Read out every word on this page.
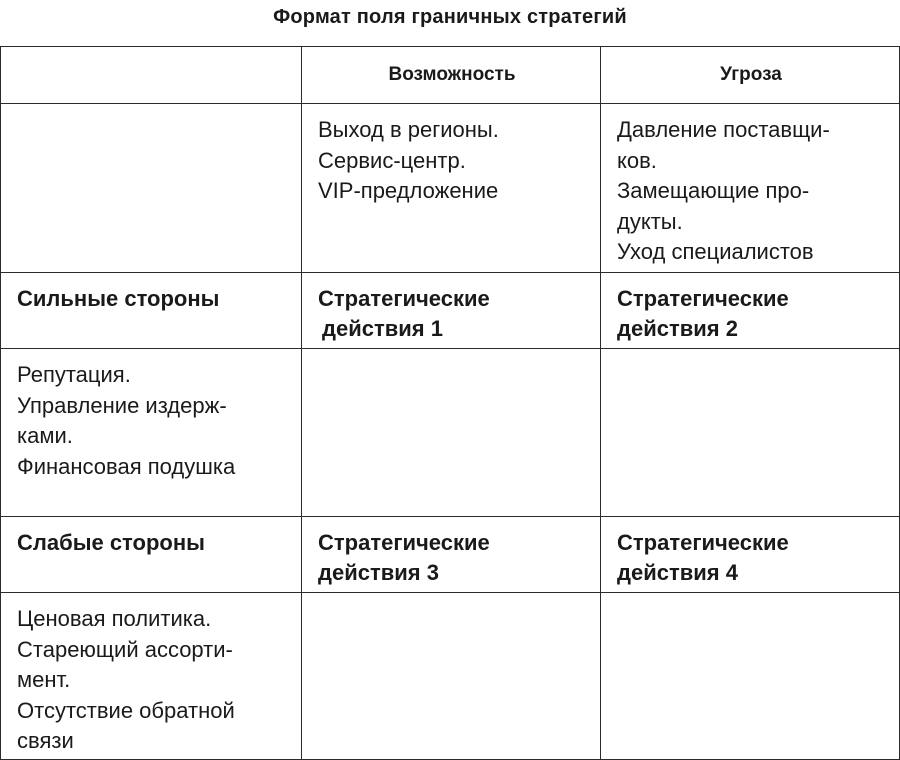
Формат поля граничных стратегий
	Возможность	Угроза

	Выход в регионы.
Сервис-центр.
VIP-предложение	Давление поставщи-
ков.
Замещающие про-
дукты.
Уход специалистов

Сильные стороны	Стратегические
действия 1	Стратегические
действия 2

Репутация.
Управление издерж-
ками.
Финансовая подушка		

Слабые стороны	Стратегические
действия 3	Стратегические
действия 4

Ценовая политика.
Стареющий ассорти-
мент.
Отсутствие обратной
связи		
